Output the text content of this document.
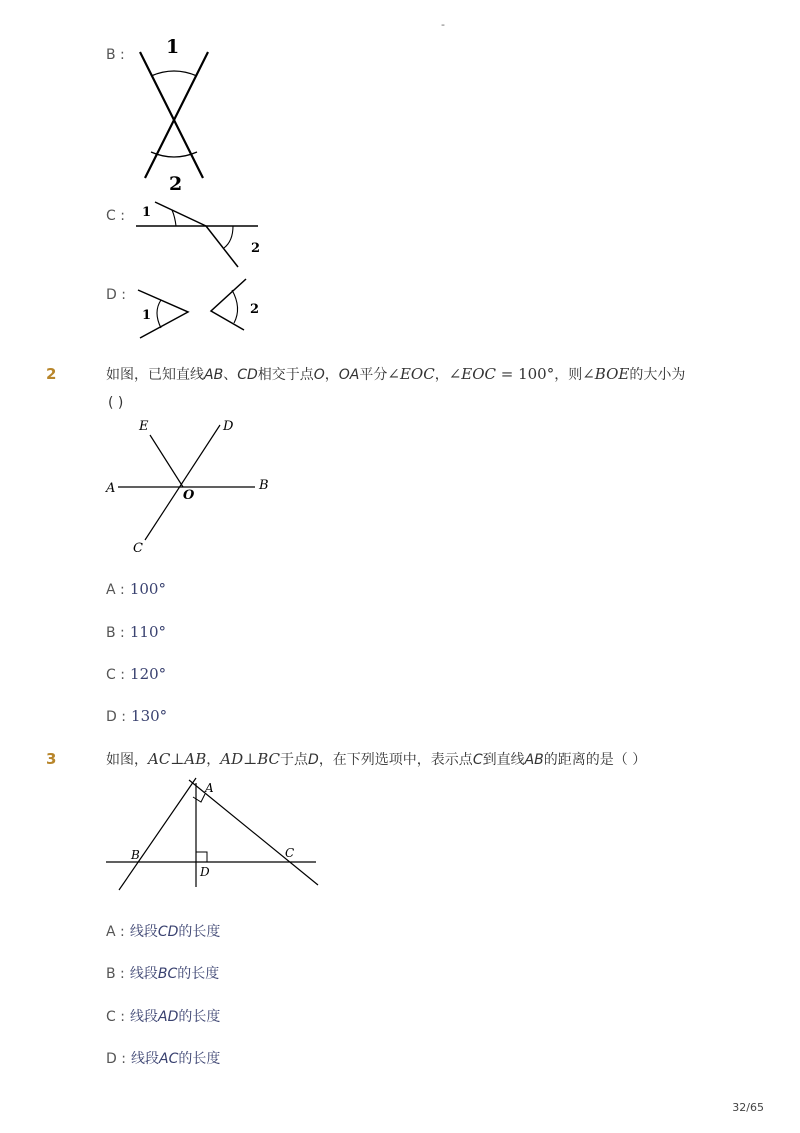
-
B : 1
2
C : 1
2
D :
1	2
2	如图，已知直线AB、CD相交于点O，OA平分∠EOC，∠EOC = 100°，则∠BOE的大小为
( )
A	B
C
D
E
O
A : 100°
B : 110°
C : 120°
D : 130°
3	如图，AC⊥AB，AD⊥BC于点D，在下列选项中，表示点C到直线AB的距离的是（ ）
A
B	C
D
A : 线段CD的长度
B : 线段BC的长度
C : 线段AD的长度
D : 线段AC的长度
32/65
